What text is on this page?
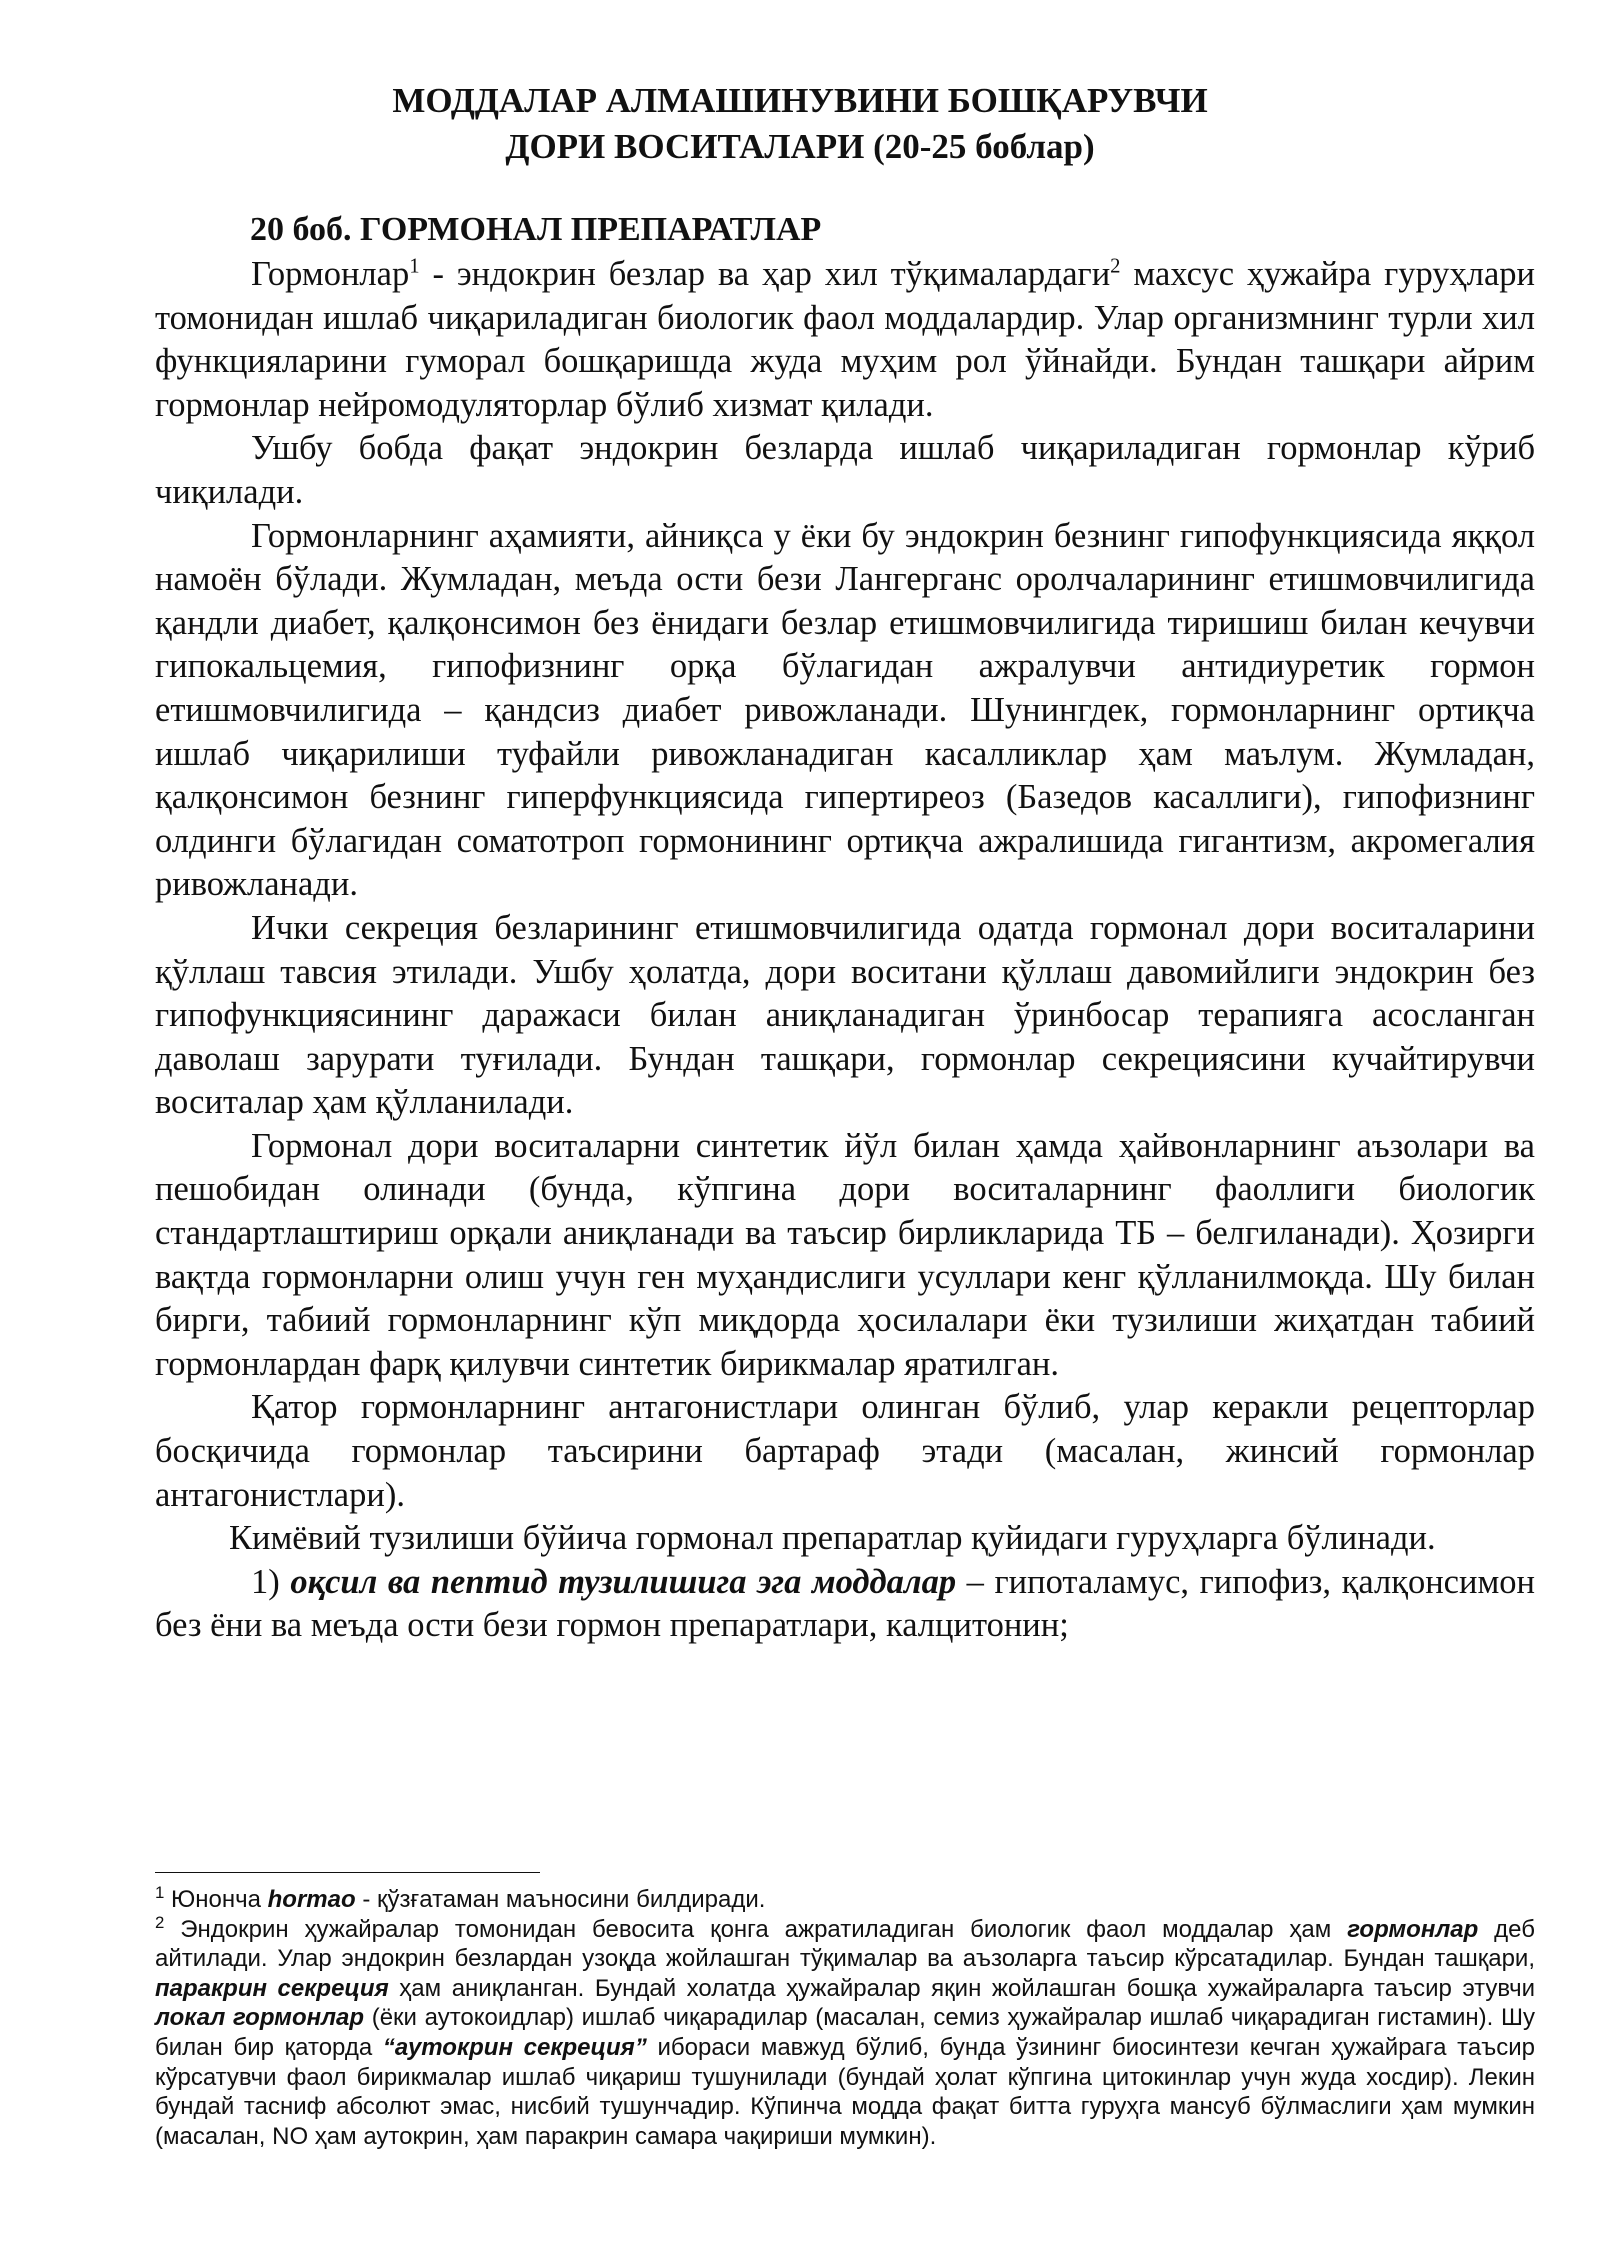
МОДДАЛАР АЛМАШИНУВИНИ БОШҚАРУВЧИ
ДОРИ ВОСИТАЛАРИ (20-25 боблар)
20 боб. ГОРМОНАЛ ПРЕПАРАТЛАР

Гормонлар$^1$ - эндокрин безлар ва ҳар хил тўқималардаги$^2$ махсус ҳужайра гуруҳлари томонидан ишлаб чиқариладиган биологик фаол моддалардир. Улар организмнинг турли хил функцияларини гуморал бошқаришда жуда муҳим рол ўйнайди. Бундан ташқари айрим гормонлар нейромодуляторлар бўлиб хизмат қилади.

Ушбу бобда фақат эндокрин безларда ишлаб чиқариладиган гормонлар кўриб чиқилади.

Гормонларнинг аҳамияти, айниқса у ёки бу эндокрин безнинг гипофункциясида яққол намоён бўлади. Жумладан, меъда ости бези Лангерганс оролчаларининг етишмовчилигида қандли диабет, қалқонсимон без ёнидаги безлар етишмовчилигида тиришиш билан кечувчи гипокальцемия, гипофизнинг орқа бўлагидан ажралувчи антидиуретик гормон етишмовчилигида – қандсиз диабет ривожланади. Шунингдек, гормонларнинг ортиқча ишлаб чиқарилиши туфайли ривожланадиган касалликлар ҳам маълум. Жумладан, қалқонсимон безнинг гиперфункциясида гипертиреоз (Базедов касаллиги), гипофизнинг олдинги бўлагидан соматотроп гормонининг ортиқча ажралишида гигантизм, акромегалия ривожланади.

Ички секреция безларининг етишмовчилигида одатда гормонал дори воситаларини қўллаш тавсия этилади. Ушбу ҳолатда, дори воситани қўллаш давомийлиги эндокрин без гипофункциясининг даражаси билан аниқланадиган ўринбосар терапияга асосланган даволаш зарурати туғилади. Бундан ташқари, гормонлар секрециясини кучайтирувчи воситалар ҳам қўлланилади.

Гормонал дори воситаларни синтетик йўл билан ҳамда ҳайвонларнинг аъзолари ва пешобидан олинади (бунда, кўпгина дори воситаларнинг фаоллиги биологик стандартлаштириш орқали аниқланади ва таъсир бирликларида ТБ – белгиланади). Ҳозирги вақтда гормонларни олиш учун ген муҳандислиги усуллари кенг қўлланилмоқда. Шу билан бирги, табиий гормонларнинг кўп миқдорда ҳосилалари ёки тузилиши жиҳатдан табиий гормонлардан фарқ қилувчи синтетик бирикмалар яратилган.

Қатор гормонларнинг антагонистлари олинган бўлиб, улар керакли рецепторлар босқичида гормонлар таъсирини бартараф этади (масалан, жинсий гормонлар антагонистлари).

Кимёвий тузилиши бўйича гормонал препаратлар қуйидаги гуруҳларга бўлинади.

1) оқсил ва пептид тузилишига эга моддалар – гипоталамус, гипофиз, қалқонсимон без ёни ва меъда ости бези гормон препаратлари, калцитонин;

$^1$ Юнонча hormao - қўзғатаман маъносини билдиради.

$^2$ Эндокрин ҳужайралар томонидан бевосита қонга ажратиладиган биологик фаол моддалар ҳам гормонлар деб айтилади. Улар эндокрин безлардан узоқда жойлашган тўқималар ва аъзоларга таъсир кўрсатадилар. Бундан ташқари, паракрин секреция ҳам аниқланган. Бундай холатда ҳужайралар яқин жойлашган бошқа хужайраларга таъсир этувчи локал гормонлар (ёки аутокоидлар) ишлаб чиқарадилар (масалан, семиз ҳужайралар ишлаб чиқарадиган гистамин). Шу билан бир қаторда “аутокрин секреция” ибораси мавжуд бўлиб, бунда ўзининг биосинтези кечган ҳужайрага таъсир кўрсатувчи фаол бирикмалар ишлаб чиқариш тушунилади (бундай ҳолат кўпгина цитокинлар учун жуда хосдир). Лекин бундай тасниф абсолют эмас, нисбий тушунчадир. Кўпинча модда фақат битта гуруҳга мансуб бўлмаслиги ҳам мумкин (масалан, NO ҳам аутокрин, ҳам паракрин самара чақириши мумкин).
